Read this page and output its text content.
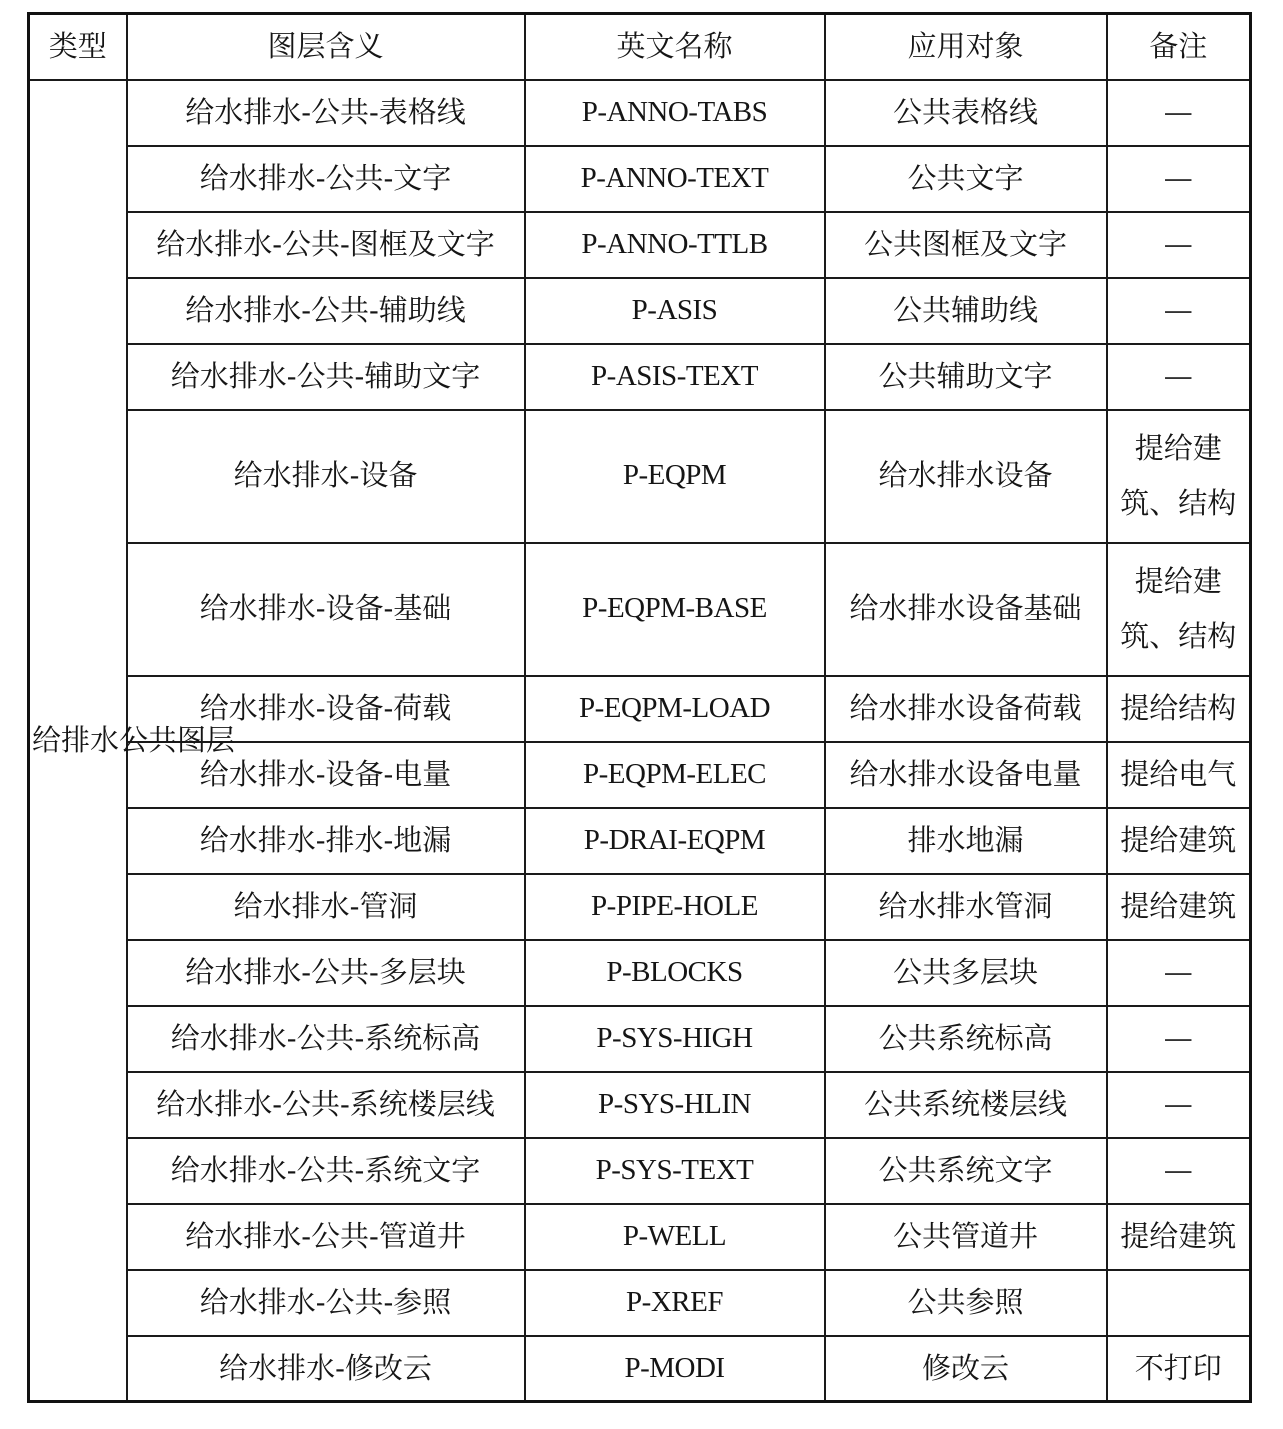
类型	图层含义	英文名称	应用对象	备注
给排水公共图层	给水排水-公共-表格线	P-ANNO-TABS	公共表格线	—
	给水排水-公共-文字	P-ANNO-TEXT	公共文字	—
	给水排水-公共-图框及文字	P-ANNO-TTLB	公共图框及文字	—
	给水排水-公共-辅助线	P-ASIS	公共辅助线	—
	给水排水-公共-辅助文字	P-ASIS-TEXT	公共辅助文字	—
	给水排水-设备	P-EQPM	给水排水设备	提给建筑、结构
	给水排水-设备-基础	P-EQPM-BASE	给水排水设备基础	提给建筑、结构
	给水排水-设备-荷载	P-EQPM-LOAD	给水排水设备荷载	提给结构
	给水排水-设备-电量	P-EQPM-ELEC	给水排水设备电量	提给电气
	给水排水-排水-地漏	P-DRAI-EQPM	排水地漏	提给建筑
	给水排水-管洞	P-PIPE-HOLE	给水排水管洞	提给建筑
	给水排水-公共-多层块	P-BLOCKS	公共多层块	—
	给水排水-公共-系统标高	P-SYS-HIGH	公共系统标高	—
	给水排水-公共-系统楼层线	P-SYS-HLIN	公共系统楼层线	—
	给水排水-公共-系统文字	P-SYS-TEXT	公共系统文字	—
	给水排水-公共-管道井	P-WELL	公共管道井	提给建筑
	给水排水-公共-参照	P-XREF	公共参照	
	给水排水-修改云	P-MODI	修改云	不打印
